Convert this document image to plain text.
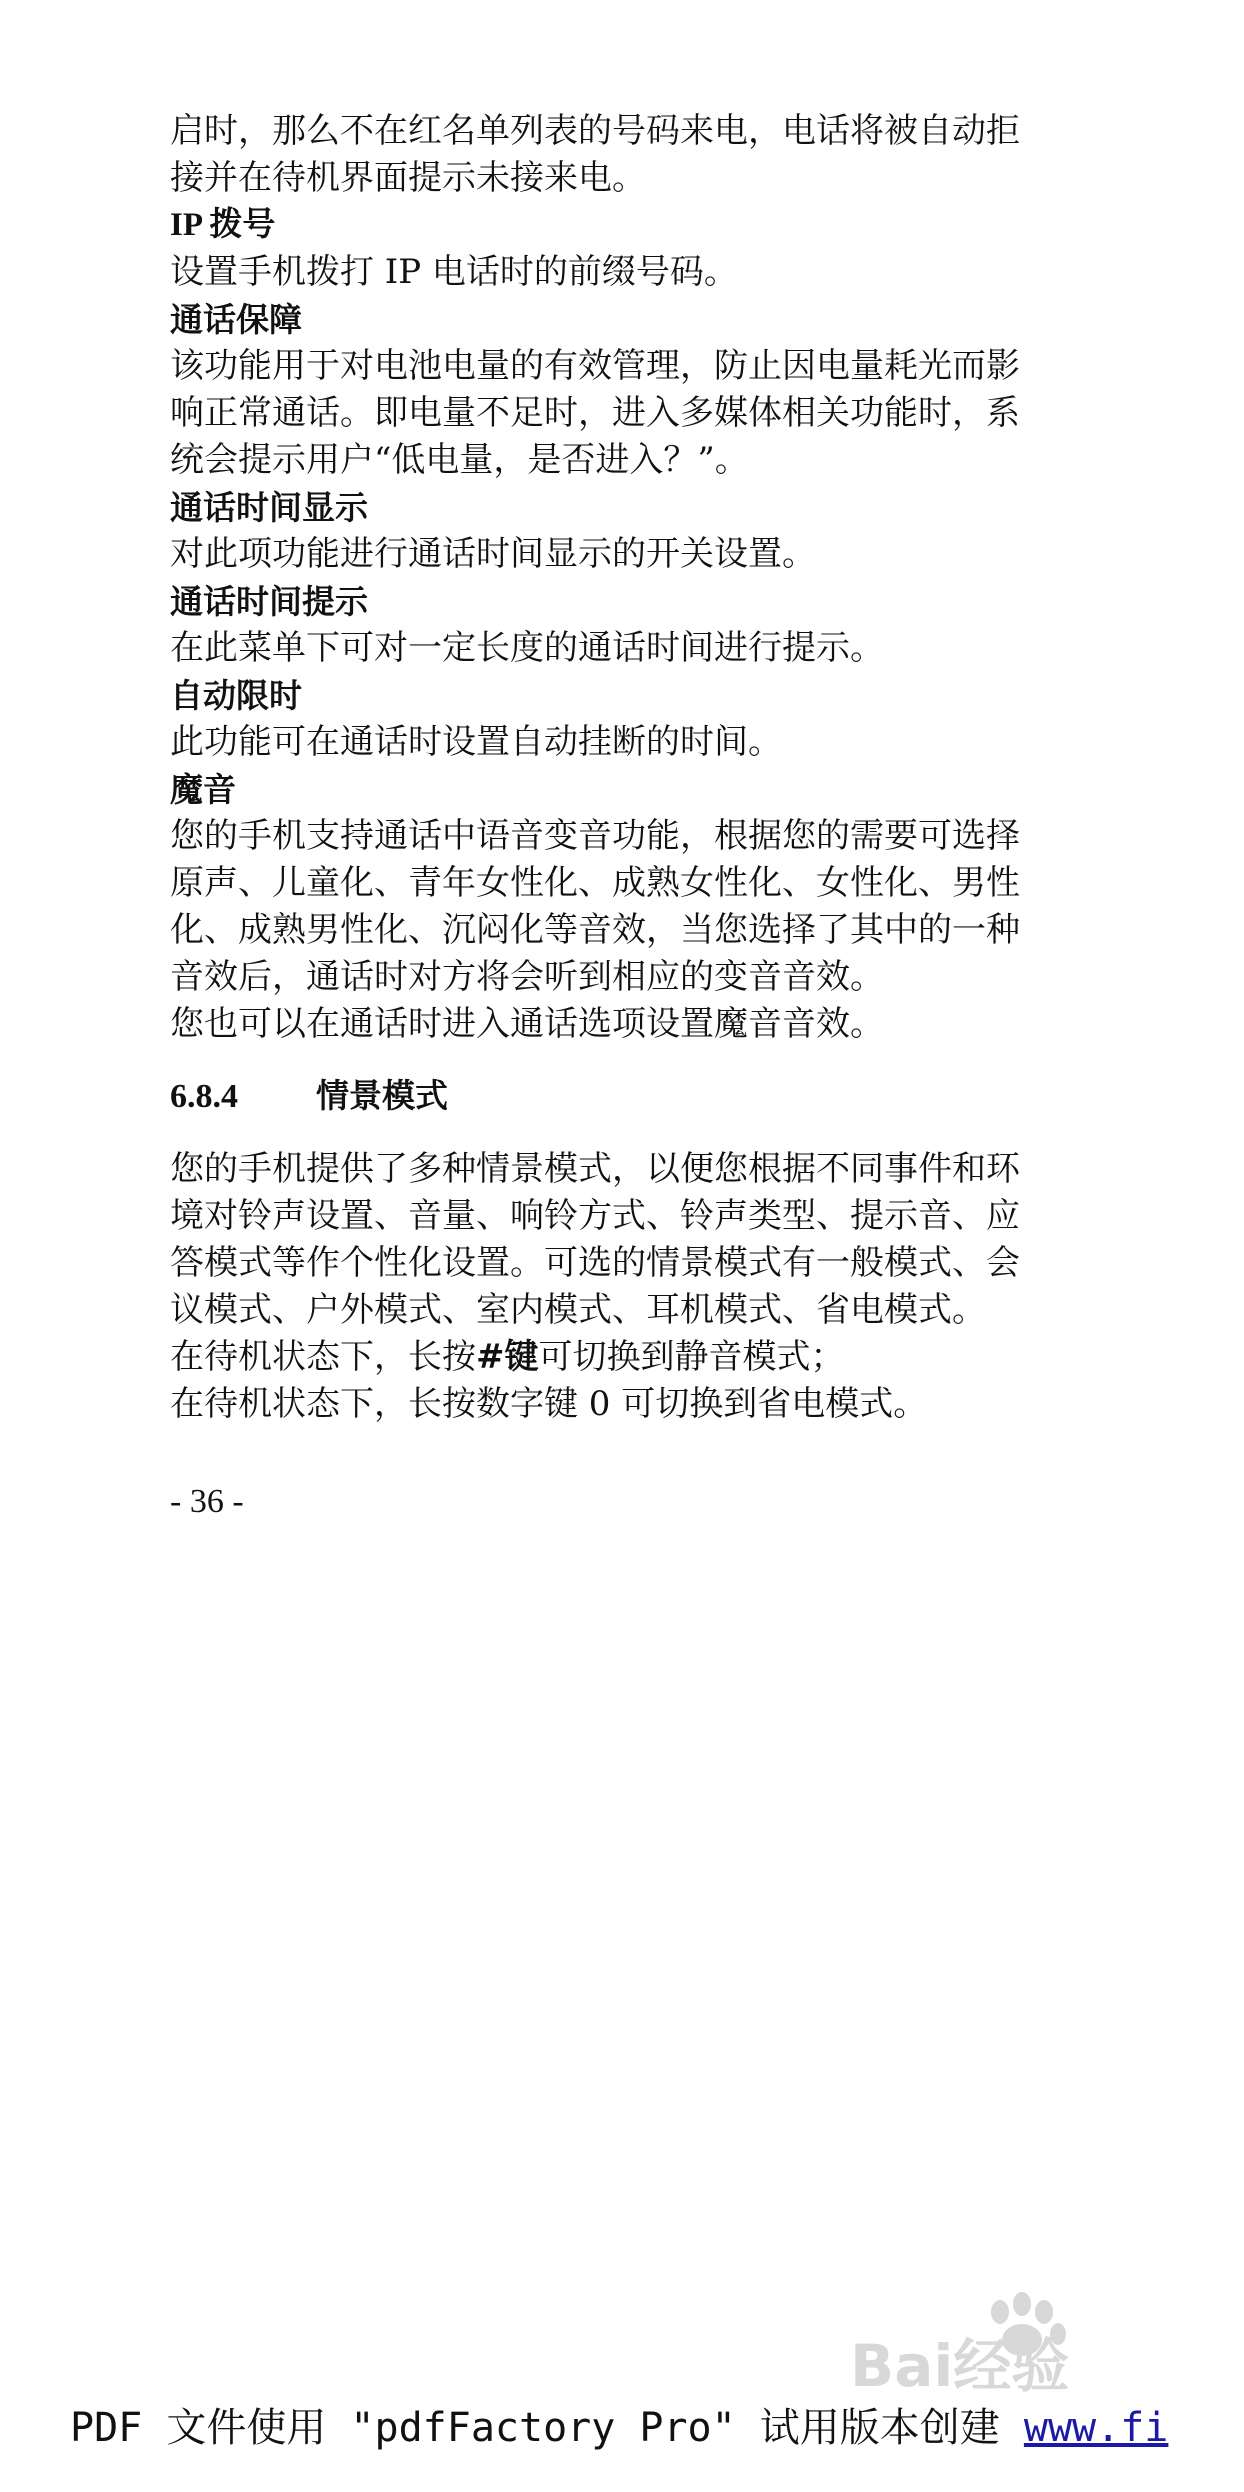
启时，那么不在红名单列表的号码来电，电话将被自动拒

接并在待机界面提示未接来电。

IP 拨号

设置手机拨打 IP 电话时的前缀号码。

通话保障

该功能用于对电池电量的有效管理，防止因电量耗光而影

响正常通话。即电量不足时，进入多媒体相关功能时，系

统会提示用户“低电量，是否进入？”。

通话时间显示

对此项功能进行通话时间显示的开关设置。

通话时间提示

在此菜单下可对一定长度的通话时间进行提示。

自动限时

此功能可在通话时设置自动挂断的时间。

魔音

您的手机支持通话中语音变音功能，根据您的需要可选择

原声、儿童化、青年女性化、成熟女性化、女性化、男性

化、成熟男性化、沉闷化等音效，当您选择了其中的一种

音效后，通话时对方将会听到相应的变音音效。

您也可以在通话时进入通话选项设置魔音音效。

6.8.4	情景模式

您的手机提供了多种情景模式，以便您根据不同事件和环

境对铃声设置、音量、响铃方式、铃声类型、提示音、应

答模式等作个性化设置。可选的情景模式有一般模式、会

议模式、户外模式、室内模式、耳机模式、省电模式。

在待机状态下，长按#键可切换到静音模式；

在待机状态下，长按数字键 0 可切换到省电模式。

- 36 -
Bai经验
PDF 文件使用 "pdfFactory Pro" 试用版本创建 www.fi
